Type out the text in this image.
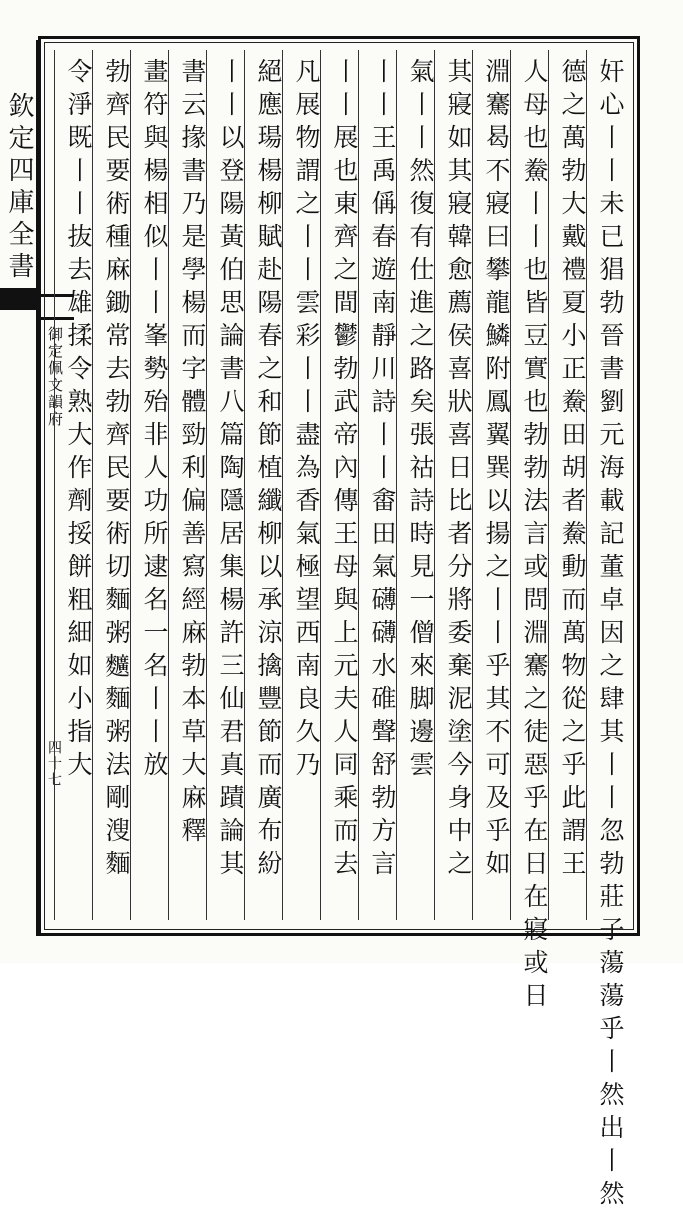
欽定四庫全書
御定佩文韻府
四十七	奸心丨丨未已猖勃晉書劉元海載記董卓因之肆其丨丨忽勃莊子蕩蕩乎丨然出丨然
德之萬勃大戴禮夏小正鮝田胡者鮝動而萬物從之乎此謂王
人母也鮝丨丨也皆豆實也勃勃法言或問淵騫之徒惡乎在日在寢或日
淵騫曷不寢曰攀龍鱗附鳳翼巽以揚之丨丨乎其不可及乎如
其寢如其寢韓愈薦侯喜狀喜日比者分將委棄泥塗今身中之
氣丨丨然復有仕進之路矣張祜詩時見一僧來脚邊雲
丨丨王禹偁春遊南靜川詩丨丨畬田氣礴礴水碓聲舒勃方言
丨丨展也東齊之間鬱勃武帝內傳王母與上元夫人同乘而去
凡展物謂之丨丨雲彩丨丨盡為香氣極望西南良久乃
絕應瑒楊柳賦赴陽春之和節植纖柳以承涼擒豐節而廣布紛
丨丨以登陽黃伯思論書八篇陶隱居集楊許三仙君真蹟論其
書云掾書乃是學楊而字體勁利偏善寫經麻勃本草大麻釋
畫符與楊相似丨丨峯勢殆非人功所逮名一名丨丨放
勃齊民要術種麻鋤常去勃齊民要術切麵粥𪍿麵粥法剛溲麵
令淨既丨丨抜去雄揉令熟大作劑挼餅粗細如小指大
